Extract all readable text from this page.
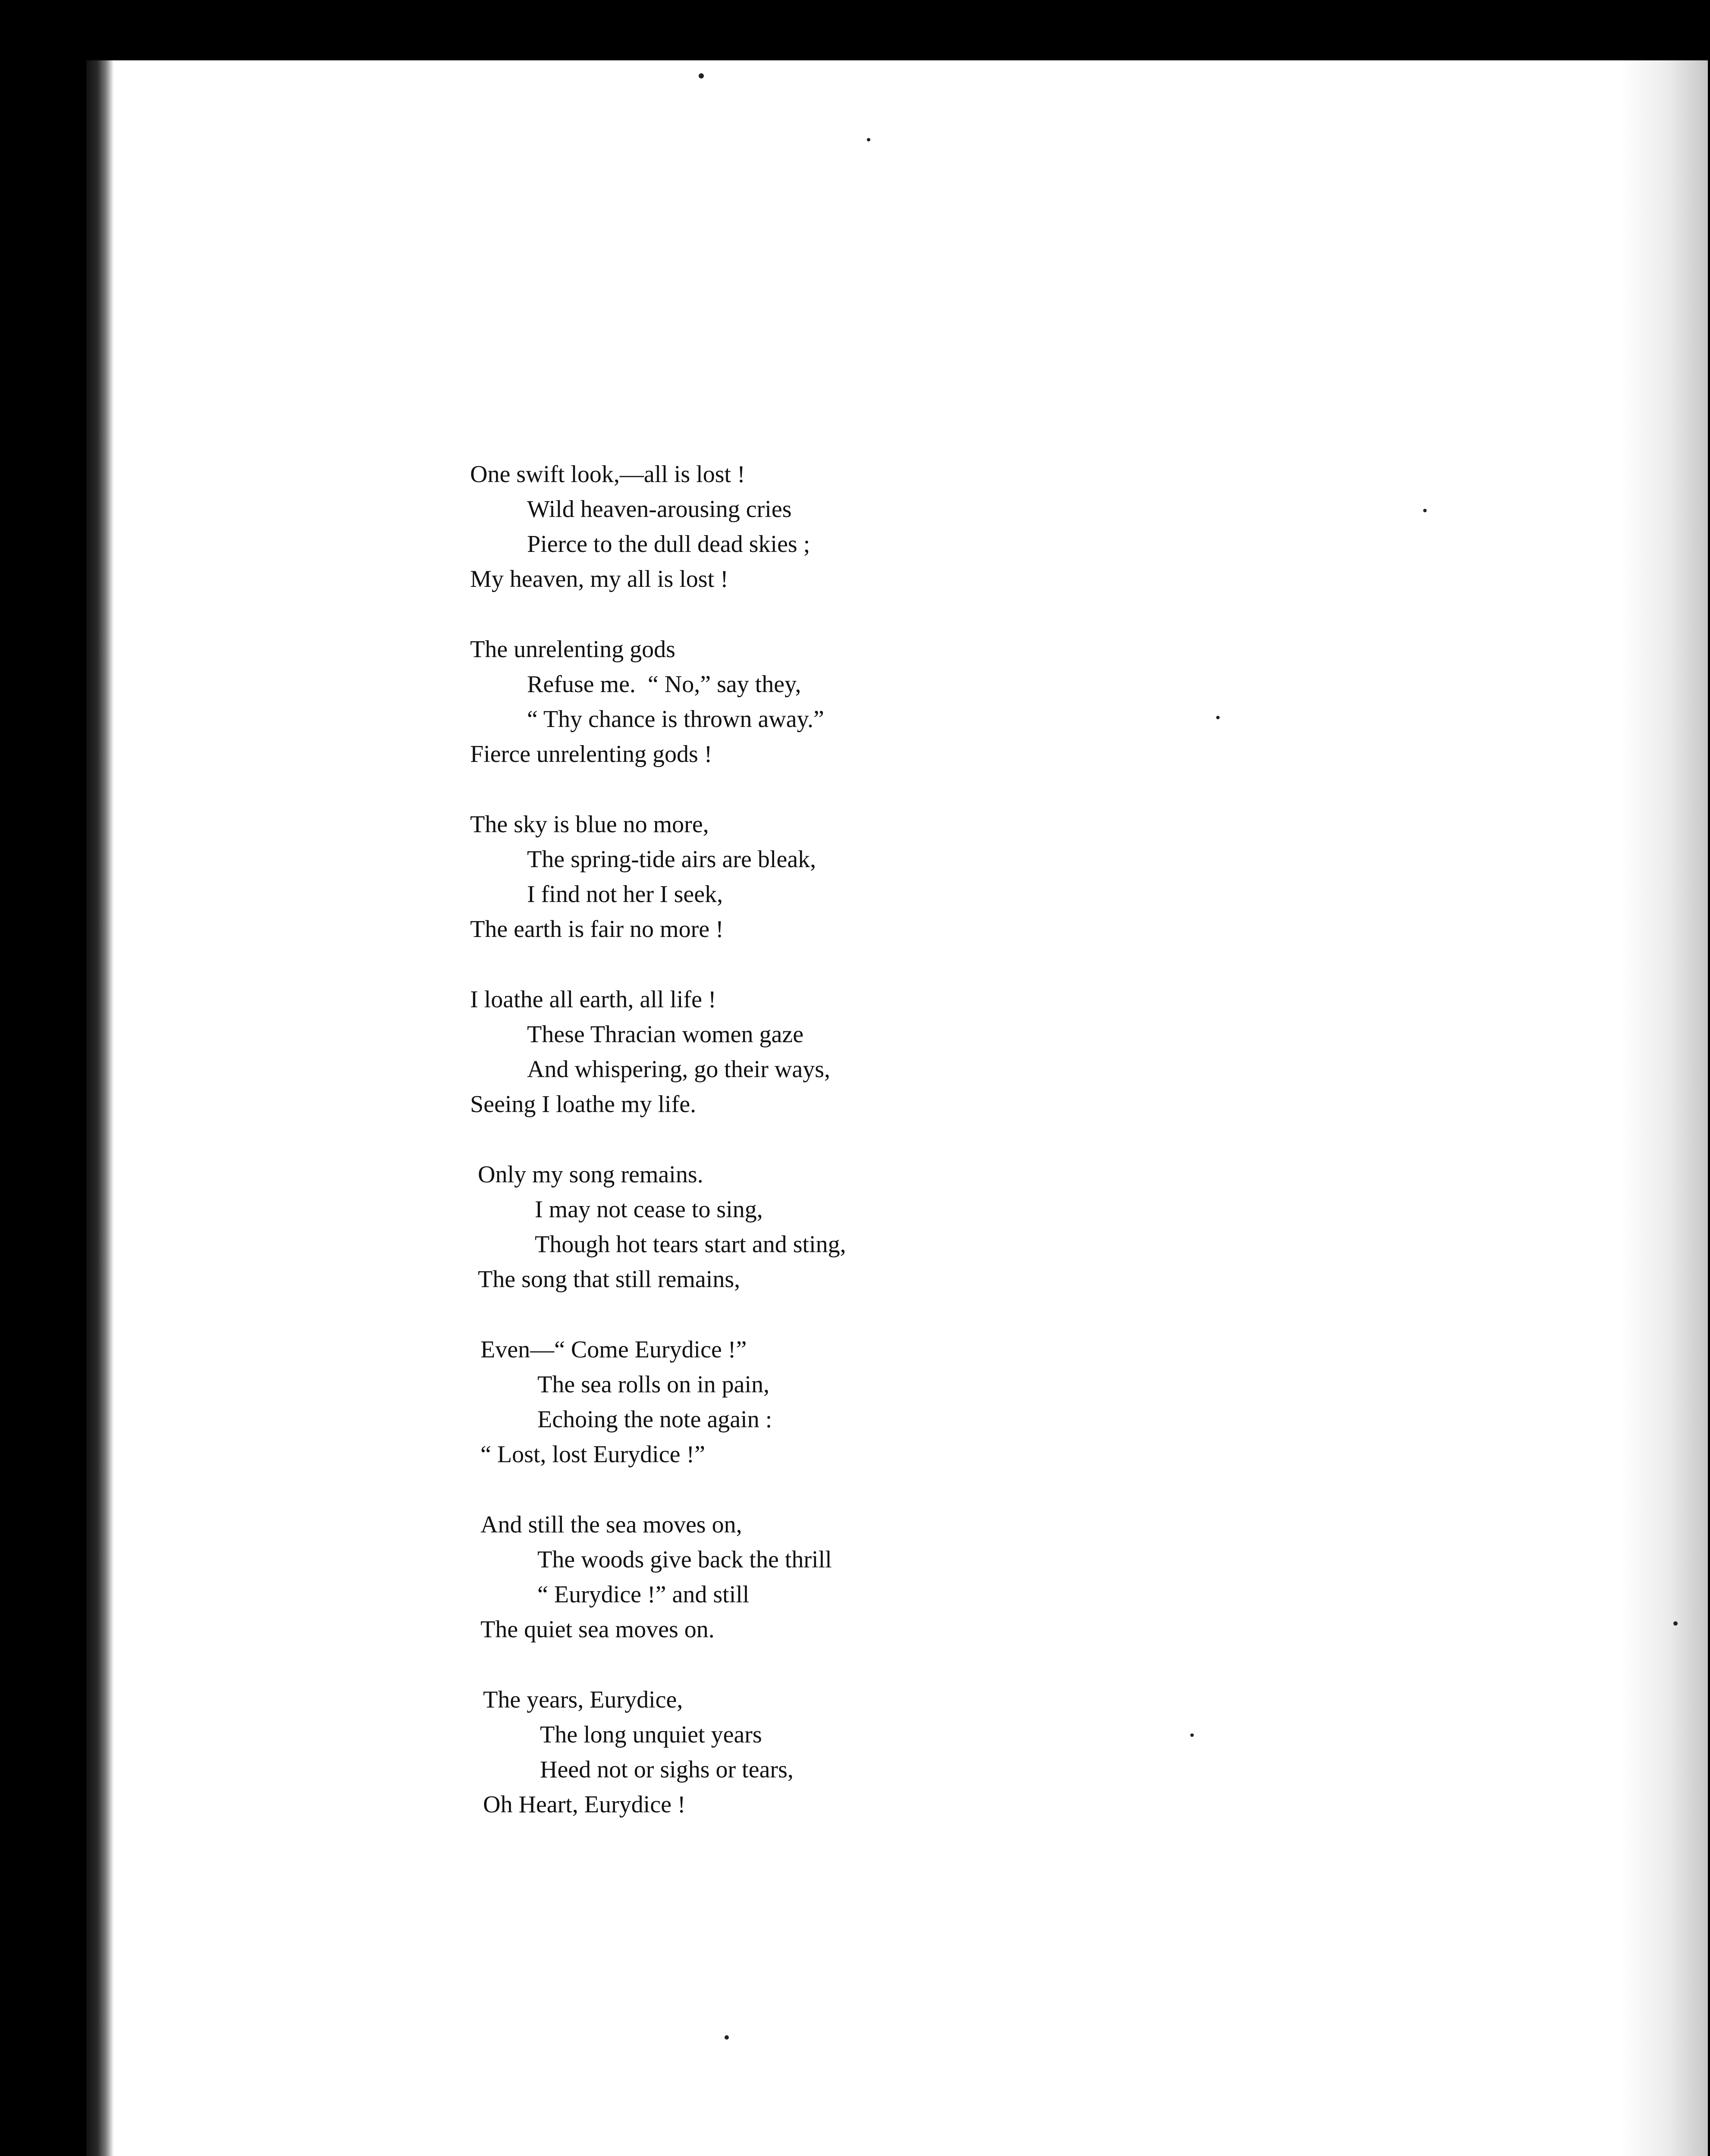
One swift look,—all is lost !
Wild heaven-arousing cries
Pierce to the dull dead skies ;
My heaven, my all is lost !
The unrelenting gods
Refuse me.  “ No,” say they,
“ Thy chance is thrown away.”
Fierce unrelenting gods !
The sky is blue no more,
The spring-tide airs are bleak,
I find not her I seek,
The earth is fair no more !
I loathe all earth, all life !
These Thracian women gaze
And whispering, go their ways,
Seeing I loathe my life.
Only my song remains.
I may not cease to sing,
Though hot tears start and sting,
The song that still remains,
Even—“ Come Eurydice !”
The sea rolls on in pain,
Echoing the note again :
“ Lost, lost Eurydice !”
And still the sea moves on,
The woods give back the thrill
“ Eurydice !” and still
The quiet sea moves on.
The years, Eurydice,
The long unquiet years
Heed not or sighs or tears,
Oh Heart, Eurydice !
